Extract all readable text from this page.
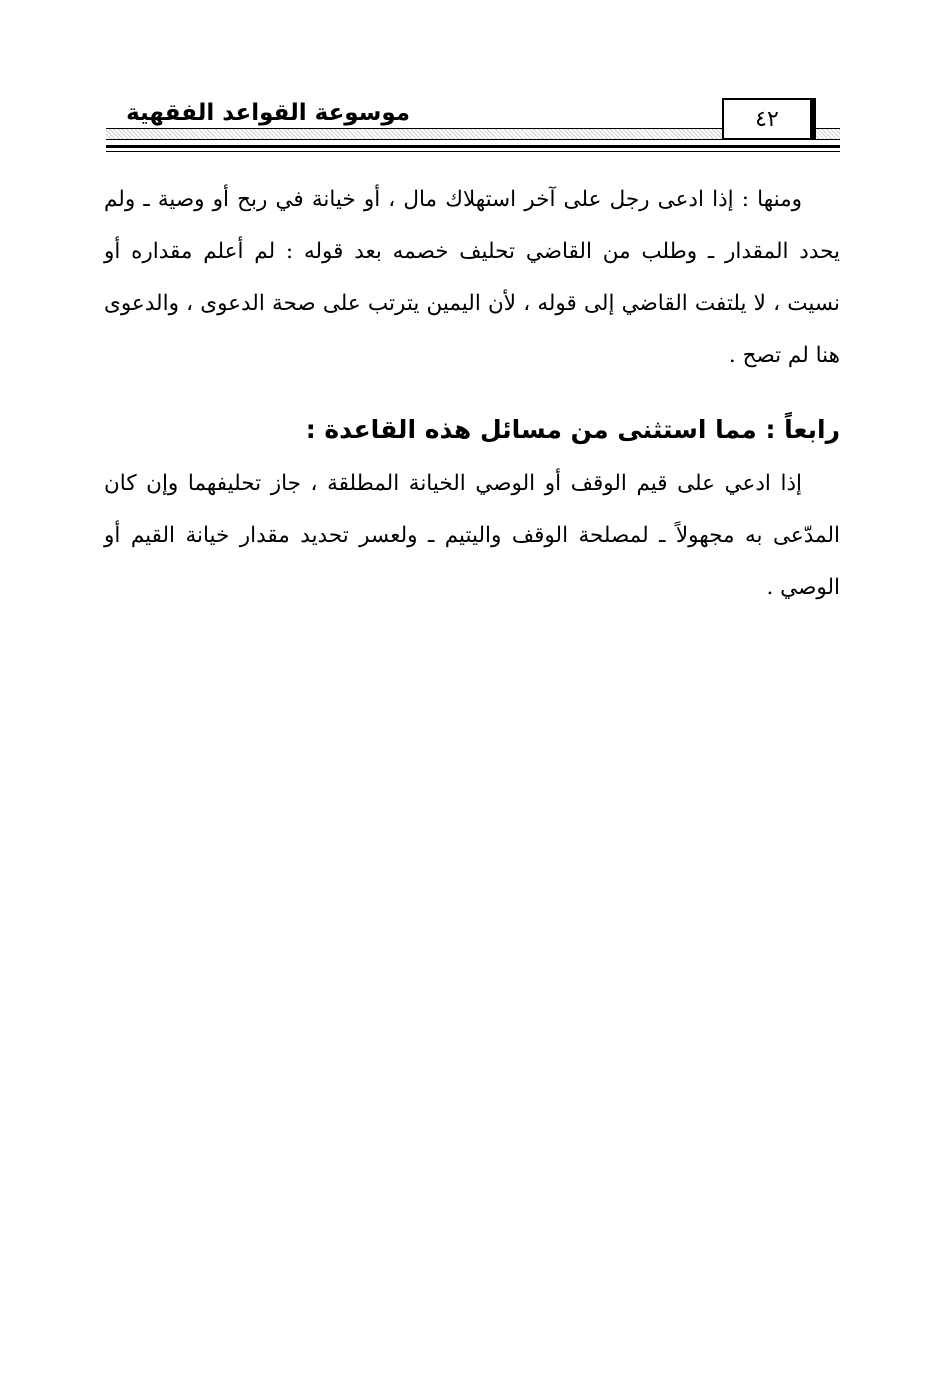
٤٢
موسوعة القواعد الفقهية

ومنها : إذا ادعى رجل على آخر استهلاك مال ، أو خيانة في ربح أو وصية ـ ولم يحدد المقدار ـ وطلب من القاضي تحليف خصمه بعد قوله : لم أعلم مقداره أو نسيت ، لا يلتفت القاضي إلى قوله ، لأن اليمين يترتب على صحة الدعوى ، والدعوى هنا لم تصح .

رابعاً : مما استثنى من مسائل هذه القاعدة :

إذا ادعي على قيم الوقف أو الوصي الخيانة المطلقة ، جاز تحليفهما وإن كان المدّعى به مجهولاً ـ لمصلحة الوقف واليتيم ـ ولعسر تحديد مقدار خيانة القيم أو الوصي .
